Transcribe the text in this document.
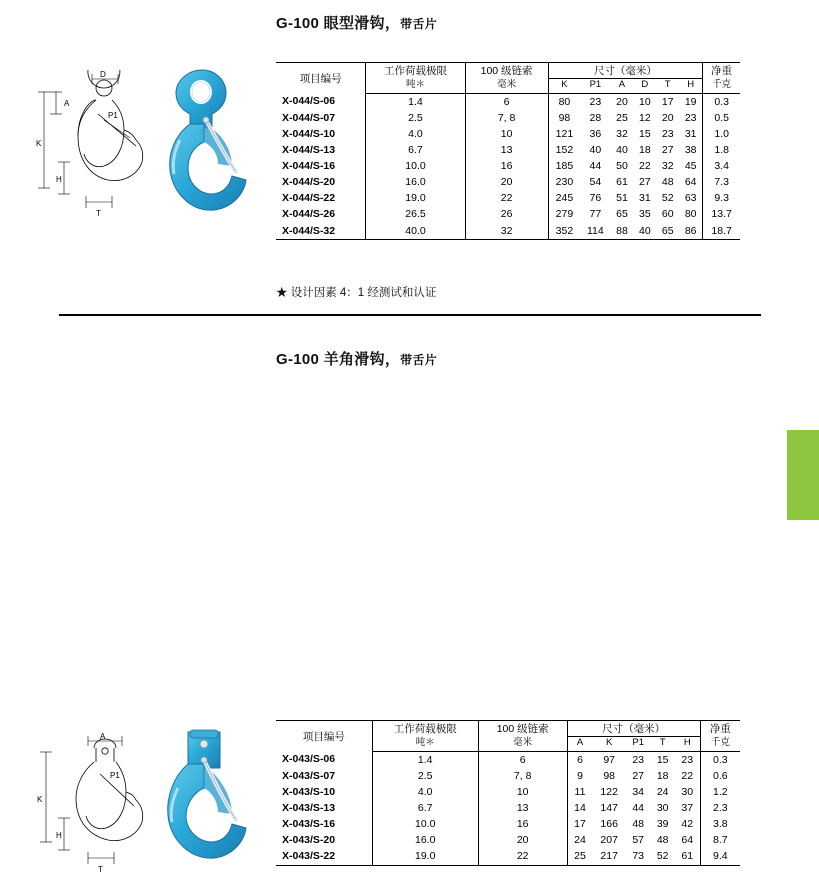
G-100 眼型滑钩，带舌片
D
A
P1
K
H
T
项目编号	工作荷载极限	100 级链索	尺寸（毫米）						净重
	吨＊	毫米	K	P1	A	D	T	H	千克
X-044/S-06	1.4	6	80	23	20	10	17	19	0.3
X-044/S-07	2.5	7, 8	98	28	25	12	20	23	0.5
X-044/S-10	4.0	10	121	36	32	15	23	31	1.0
X-044/S-13	6.7	13	152	40	40	18	27	38	1.8
X-044/S-16	10.0	16	185	44	50	22	32	45	3.4
X-044/S-20	16.0	20	230	54	61	27	48	64	7.3
X-044/S-22	19.0	22	245	76	51	31	52	63	9.3
X-044/S-26	26.5	26	279	77	65	35	60	80	13.7
X-044/S-32	40.0	32	352	114	88	40	65	86	18.7
★ 设计因素 4：1 经测试和认证
G-100 羊角滑钩，带舌片
A
P1
K
H
T
项目编号	工作荷载极限	100 级链索	尺寸（毫米）					净重
	吨＊	毫米	A	K	P1	T	H	千克
X-043/S-06	1.4	6	6	97	23	15	23	0.3
X-043/S-07	2.5	7, 8	9	98	27	18	22	0.6
X-043/S-10	4.0	10	11	122	34	24	30	1.2
X-043/S-13	6.7	13	14	147	44	30	37	2.3
X-043/S-16	10.0	16	17	166	48	39	42	3.8
X-043/S-20	16.0	20	24	207	57	48	64	8.7
X-043/S-22	19.0	22	25	217	73	52	61	9.4
